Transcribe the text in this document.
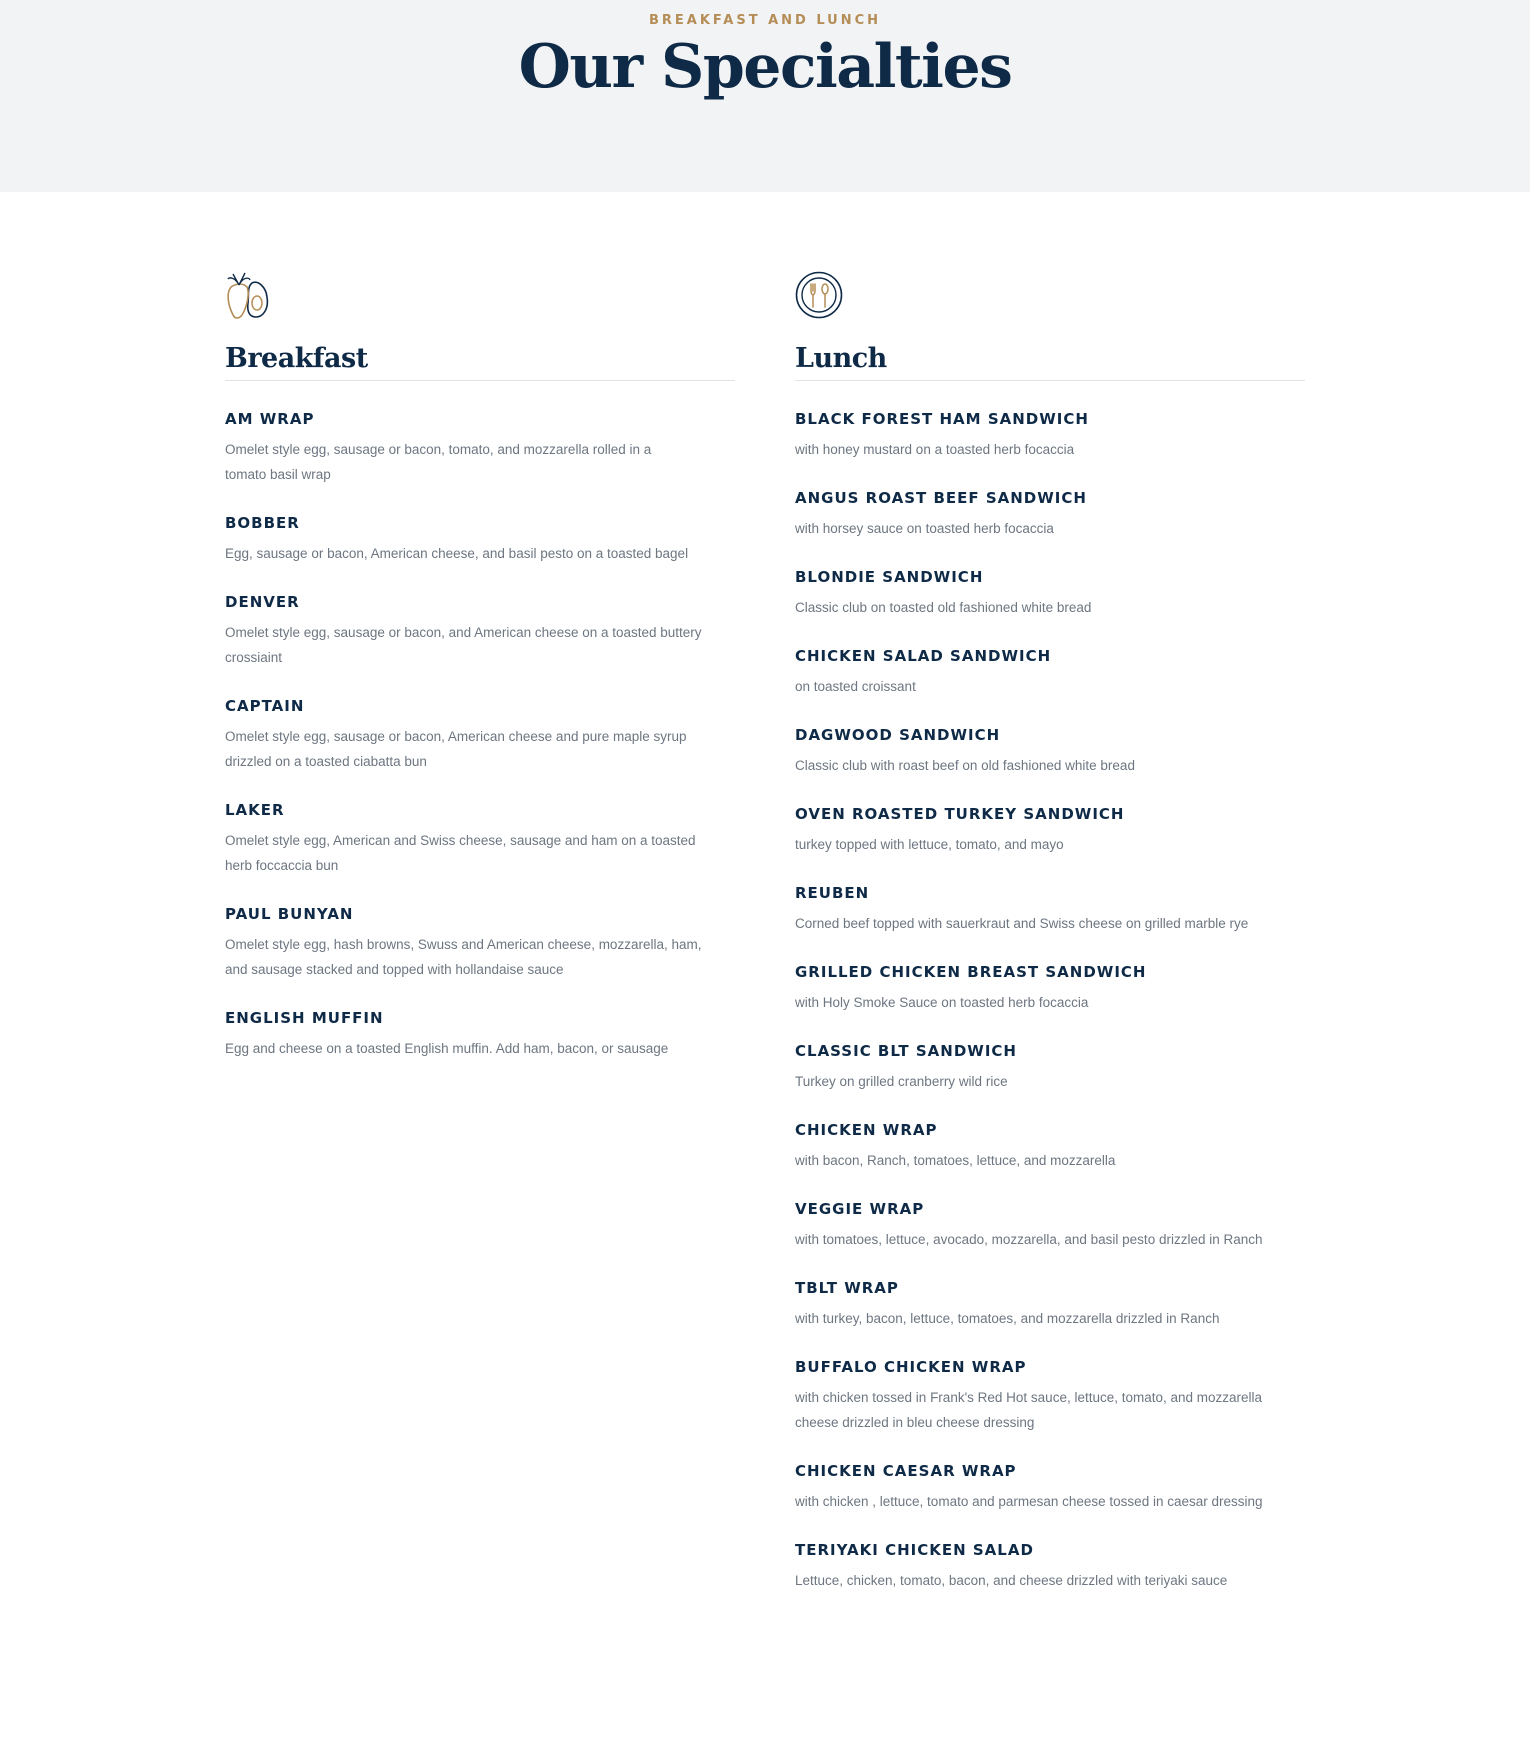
BREAKFAST AND LUNCH

Our Specialties
Breakfast
AM WRAP

Omelet style egg, sausage or bacon, tomato, and mozzarella rolled in a tomato basil wrap

BOBBER

Egg, sausage or bacon, American cheese, and basil pesto on a toasted bagel

DENVER

Omelet style egg, sausage or bacon, and American cheese on a toasted buttery crossiaint

CAPTAIN

Omelet style egg, sausage or bacon, American cheese and pure maple syrup drizzled on a toasted ciabatta bun

LAKER

Omelet style egg, American and Swiss cheese, sausage and ham on a toasted herb foccaccia bun

PAUL BUNYAN

Omelet style egg, hash browns, Swuss and American cheese, mozzarella, ham, and sausage stacked and topped with hollandaise sauce

ENGLISH MUFFIN

Egg and cheese on a toasted English muffin. Add ham, bacon, or sausage

Lunch
BLACK FOREST HAM SANDWICH

with honey mustard on a toasted herb focaccia

ANGUS ROAST BEEF SANDWICH

with horsey sauce on toasted herb focaccia

BLONDIE SANDWICH

Classic club on toasted old fashioned white bread

CHICKEN SALAD SANDWICH

on toasted croissant

DAGWOOD SANDWICH

Classic club with roast beef on old fashioned white bread

OVEN ROASTED TURKEY SANDWICH

turkey topped with lettuce, tomato, and mayo

REUBEN

Corned beef topped with sauerkraut and Swiss cheese on grilled marble rye

GRILLED CHICKEN BREAST SANDWICH

with Holy Smoke Sauce on toasted herb focaccia

CLASSIC BLT SANDWICH

Turkey on grilled cranberry wild rice

CHICKEN WRAP

with bacon, Ranch, tomatoes, lettuce, and mozzarella

VEGGIE WRAP

with tomatoes, lettuce, avocado, mozzarella, and basil pesto drizzled in Ranch

TBLT WRAP

with turkey, bacon, lettuce, tomatoes, and mozzarella drizzled in Ranch

BUFFALO CHICKEN WRAP

with chicken tossed in Frank's Red Hot sauce, lettuce, tomato, and mozzarella cheese drizzled in bleu cheese dressing

CHICKEN CAESAR WRAP

with chicken , lettuce, tomato and parmesan cheese tossed in caesar dressing

TERIYAKI CHICKEN SALAD

Lettuce, chicken, tomato, bacon, and cheese drizzled with teriyaki sauce
